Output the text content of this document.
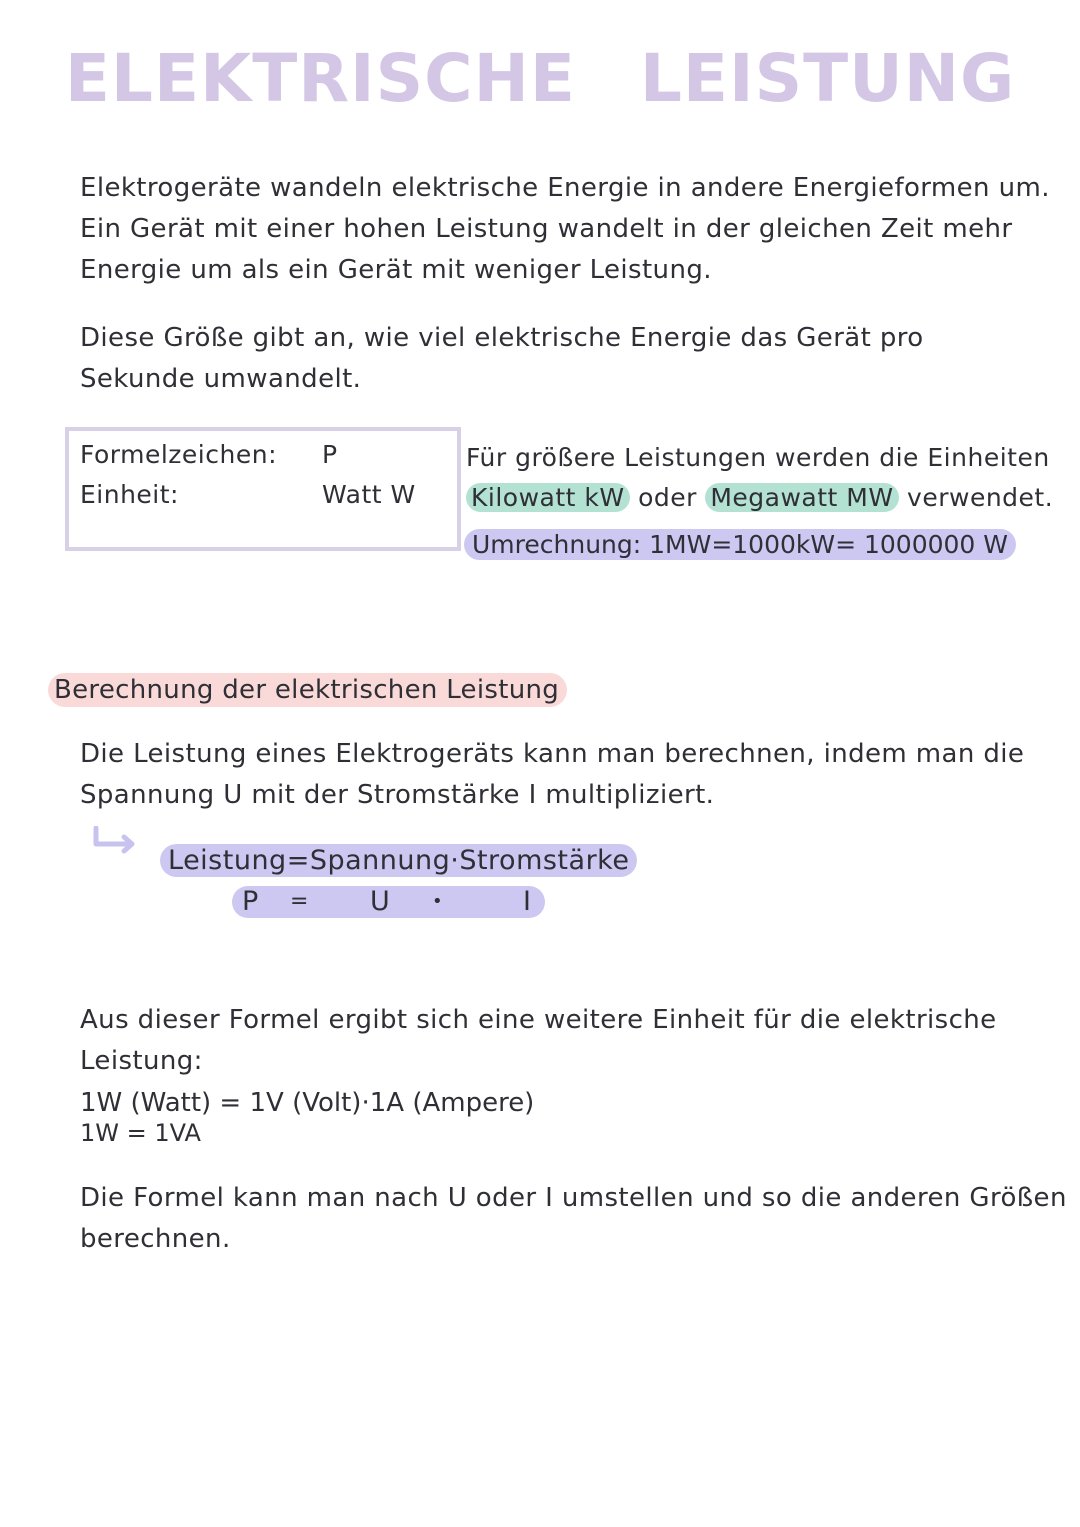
ELEKTRISCHE LEISTUNG
Elektrogeräte wandeln elektrische Energie in andere Energieformen um.
Ein Gerät mit einer hohen Leistung wandelt in der gleichen Zeit mehr
Energie um als ein Gerät mit weniger Leistung.
Diese Größe gibt an, wie viel elektrische Energie das Gerät pro
Sekunde umwandelt.
Formelzeichen: P
Einheit:	Watt W
Für größere Leistungen werden die Einheiten
Kilowatt kW oder Megawatt MW verwendet.
Umrechnung: 1MW=1000kW= 1000000 W
Berechnung der elektrischen Leistung
Die Leistung eines Elektrogeräts kann man berechnen, indem man die
Spannung U mit der Stromstärke I multipliziert.
Leistung=Spannung·Stromstärke
P = U •	I
Aus dieser Formel ergibt sich eine weitere Einheit für die elektrische
Leistung:
1W (Watt) = 1V (Volt)·1A (Ampere)
1W = 1VA
Die Formel kann man nach U oder I umstellen und so die anderen Größen
berechnen.
